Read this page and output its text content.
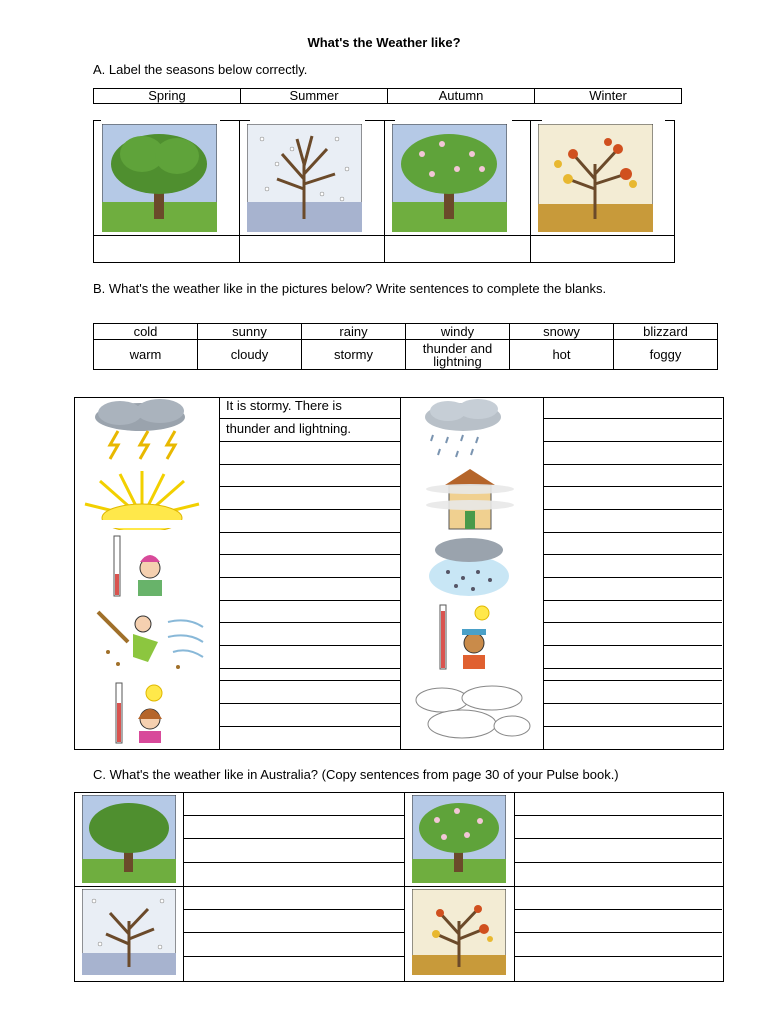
What's the Weather like?
A. Label the seasons below correctly.
Spring	Summer	Autumn	Winter
B. What's the weather like in the pictures below? Write sentences to complete the blanks.
cold	sunny	rainy	windy	snowy	blizzard
warm	cloudy	stormy	thunder and lightning	hot	foggy
It is stormy. There is
thunder and lightning.
C. What's the weather like in Australia? (Copy sentences from page 30 of your Pulse book.)
